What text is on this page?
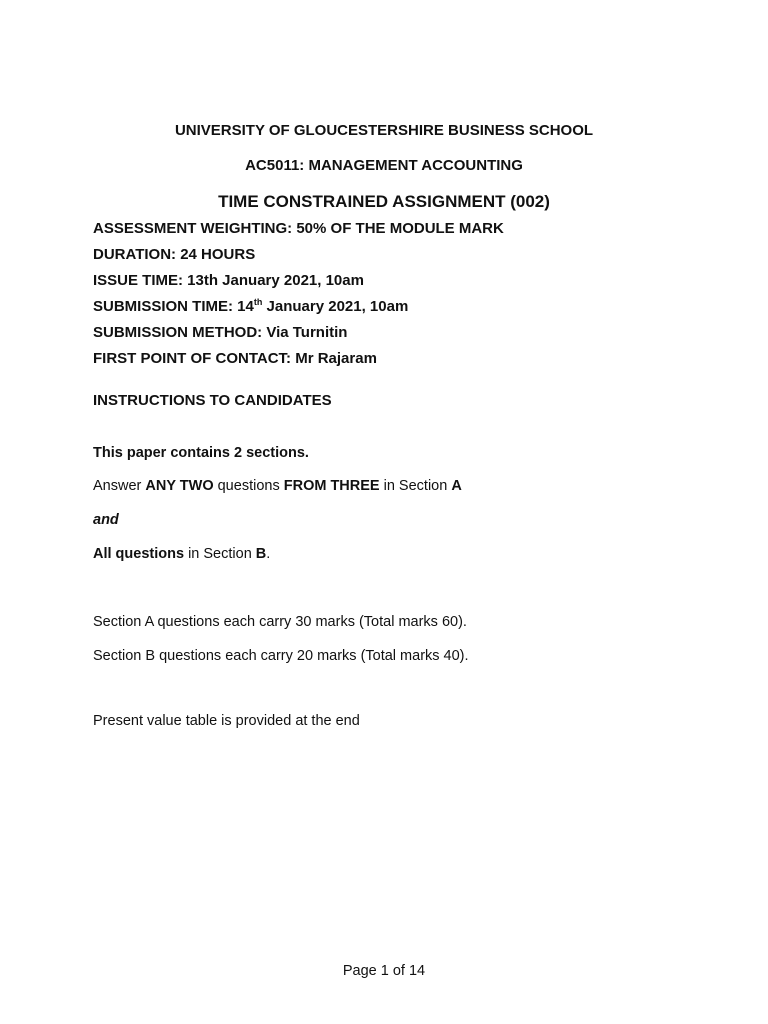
UNIVERSITY OF GLOUCESTERSHIRE BUSINESS SCHOOL
AC5011: MANAGEMENT ACCOUNTING
TIME CONSTRAINED ASSIGNMENT (002)
ASSESSMENT WEIGHTING: 50% OF THE MODULE MARK
DURATION: 24 HOURS
ISSUE TIME: 13th January 2021, 10am
SUBMISSION TIME: 14th January 2021, 10am
SUBMISSION METHOD: Via Turnitin
FIRST POINT OF CONTACT: Mr Rajaram
INSTRUCTIONS TO CANDIDATES
This paper contains 2 sections.
Answer ANY TWO questions FROM THREE in Section A
and
All questions in Section B.
Section A questions each carry 30 marks (Total marks 60).
Section B questions each carry 20 marks (Total marks 40).
Present value table is provided at the end
Page 1 of 14
